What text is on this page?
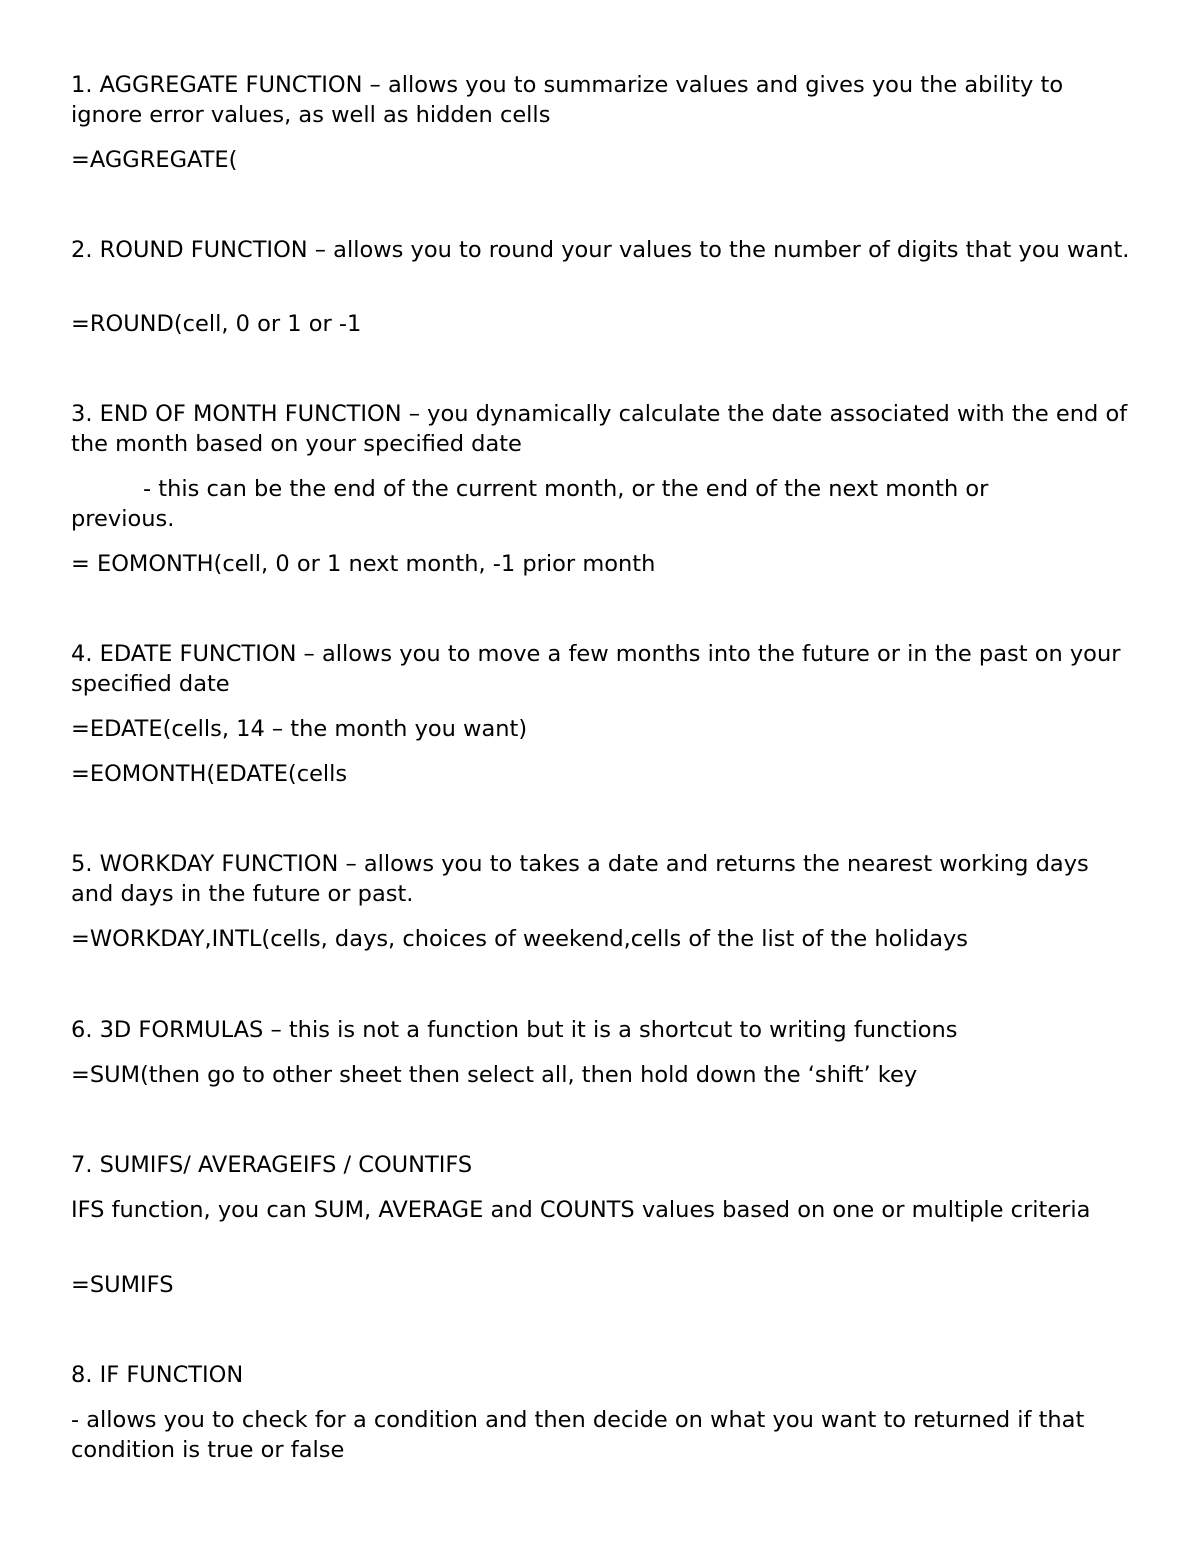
1. AGGREGATE FUNCTION – allows you to summarize values and gives you the ability to ignore error values, as well as hidden cells

=AGGREGATE(

2. ROUND FUNCTION – allows you to round your values to the number of digits that you want.

=ROUND(cell, 0 or 1 or -1

3. END OF MONTH FUNCTION – you dynamically calculate the date associated with the end of the month based on your specified date

- this can be the end of the current month, or the end of the next month or

previous.

= EOMONTH(cell, 0 or 1 next month, -1 prior month

4. EDATE FUNCTION – allows you to move a few months into the future or in the past on your specified date

=EDATE(cells, 14 – the month you want)

=EOMONTH(EDATE(cells

5. WORKDAY FUNCTION – allows you to takes a date and returns the nearest working days and days in the future or past.

=WORKDAY,INTL(cells, days, choices of weekend,cells of the list of the holidays

6. 3D FORMULAS – this is not a function but it is a shortcut to writing functions

=SUM(then go to other sheet then select all, then hold down the ‘shift’ key

7. SUMIFS/ AVERAGEIFS / COUNTIFS

IFS function, you can SUM, AVERAGE and COUNTS values based on one or multiple criteria

=SUMIFS

8. IF FUNCTION

- allows you to check for a condition and then decide on what you want to returned if that condition is true or false
